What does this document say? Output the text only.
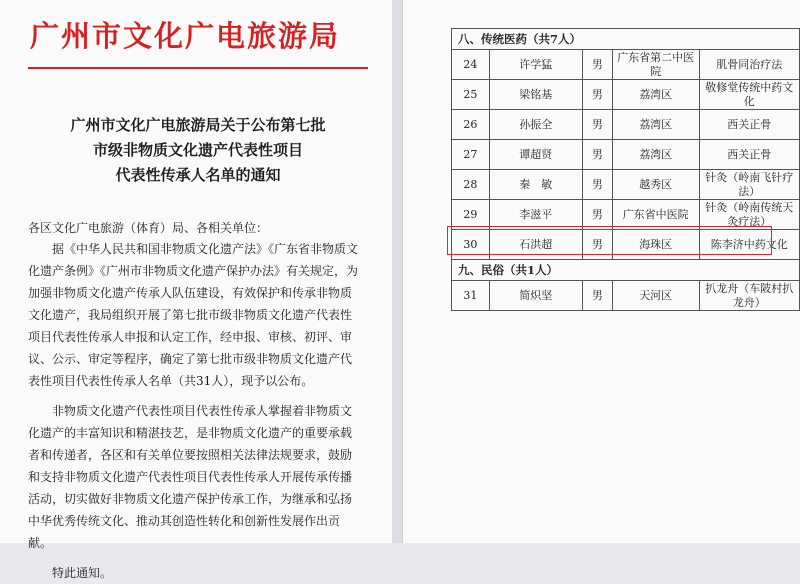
广州市文化广电旅游局
广州市文化广电旅游局关于公布第七批
市级非物质文化遗产代表性项目
代表性传承人名单的通知
各区文化广电旅游（体育）局、各相关单位：

据《中华人民共和国非物质文化遗产法》《广东省非物质文化遗产条例》《广州市非物质文化遗产保护办法》有关规定，为加强非物质文化遗产传承人队伍建设，有效保护和传承非物质文化遗产，我局组织开展了第七批市级非物质文化遗产代表性项目代表性传承人申报和认定工作，经申报、审核、初评、审议、公示、审定等程序，确定了第七批市级非物质文化遗产代表性项目代表性传承人名单（共31人），现予以公布。

非物质文化遗产代表性项目代表性传承人掌握着非物质文化遗产的丰富知识和精湛技艺，是非物质文化遗产的重要承载者和传递者，各区和有关单位要按照相关法律法规要求，鼓励和支持非物质文化遗产代表性项目代表性传承人开展传承传播活动，切实做好非物质文化遗产保护传承工作，为继承和弘扬中华优秀传统文化、推动其创造性转化和创新性发展作出贡献。

特此通知。

八、传统医药（共7人）				
24	许学猛	男	广东省第二中医院	肌骨同治疗法
25	梁铭基	男	荔湾区	敬修堂传统中药文化
26	孙振全	男	荔湾区	西关正骨
27	谭超贤	男	荔湾区	西关正骨
28	秦　敏	男	越秀区	针灸（岭南飞针疗法）
29	李滋平	男	广东省中医院	针灸（岭南传统天灸疗法）
30	石洪超	男	海珠区	陈李济中药文化
九、民俗（共1人）				
31	简炽坚	男	天河区	扒龙舟（车陂村扒龙舟）
